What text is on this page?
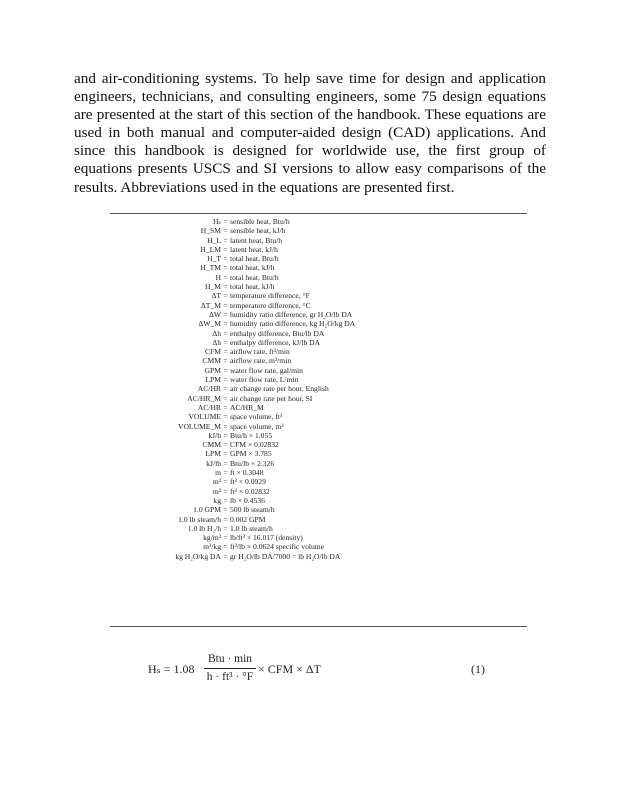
and air-conditioning systems. To help save time for design and application
engineers, technicians, and consulting engineers, some 75 design equations
are presented at the start of this section of the handbook. These equations are
used in both manual and computer-aided design (CAD) applications. And
since this handbook is designed for worldwide use, the first group of
equations presents USCS and SI versions to allow easy comparisons of the
results. Abbreviations used in the equations are presented first.
Hₛ = sensible heat, Btu/h
H_SM = sensible heat, kJ/h
H_L = latent heat, Btu/h
H_LM = latent heat, kJ/h
H_T = total heat, Btu/h
H_TM = total heat, kJ/h
H = total heat, Btu/h
H_M = total heat, kJ/h
ΔT = temperature difference, °F
ΔT_M = temperature difference, °C
ΔW = humidity ratio difference, gr H₂O/lb DA
ΔW_M = humidity ratio difference, kg H₂O/kg DA
Δh = enthalpy difference, Btu/lb DA
Δh = enthalpy difference, kJ/lb DA
CFM = airflow rate, ft³/min
CMM = airflow rate, m³/min
GPM = water flow rate, gal/min
LPM = water flow rate, L/min
AC/HR = air change rate per hour, English
AC/HR_M = air change rate per hour, SI
AC/HR = AC/HR_M
VOLUME = space volume, ft³
VOLUME_M = space volume, m³
kJ/h = Btu/h × 1.055
CMM = CFM × 0.02832
LPM = GPM × 3.785
kJ/lb = Btu/lb × 2.326
m = ft × 0.3048
m² = ft² × 0.0929
m³ = ft³ × 0.02832
kg = lb × 0.4536
1.0 GPM = 500 lb steam/h
1.0 lb steam/h = 0.002 GPM
1.0 lb H₂/h = 1.0 lb steam/h
kg/m³ = lb/ft³ × 16.017 (density)
m³/kg = ft³/lb × 0.0624 specific volume
kg H₂O/kg DA = gr H₂O/lb DA/7000 = lb H₂O/lb DA
Hₛ = 1.08
Btu · min
h · ft³ · °F
× CFM × ΔT	(1)
